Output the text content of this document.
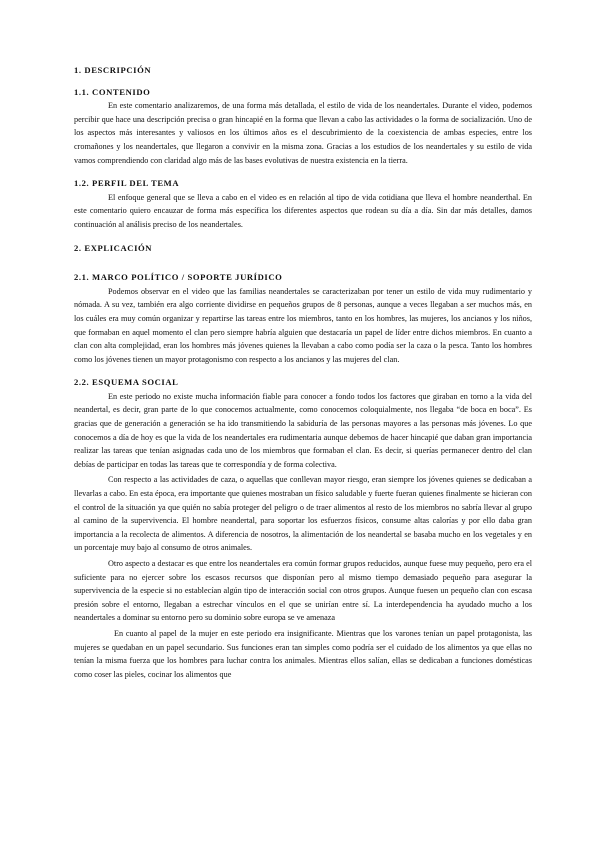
1. DESCRIPCIÓN
1.1. CONTENIDO

En este comentario analizaremos, de una forma más detallada, el estilo de vida de los neandertales. Durante el video, podemos percibir que hace una descripción precisa o gran hincapié en la forma que llevan a cabo las actividades o la forma de socialización. Uno de los aspectos más interesantes y valiosos en los últimos años es el descubrimiento de la coexistencia de ambas especies, entre los cromañones y los neandertales, que llegaron a convivir en la misma zona. Gracias a los estudios de los neandertales y su estilo de vida vamos comprendiendo con claridad algo más de las bases evolutivas de nuestra existencia en la tierra.

1.2. PERFIL DEL TEMA

El enfoque general que se lleva a cabo en el video es en relación al tipo de vida cotidiana que lleva el hombre neanderthal. En este comentario quiero encauzar de forma más específica los diferentes aspectos que rodean su día a día. Sin dar más detalles, damos continuación al análisis preciso de los neandertales.

2. EXPLICACIÓN
2.1. MARCO POLÍTICO / SOPORTE JURÍDICO

Podemos observar en el video que las familias neandertales se caracterizaban por tener un estilo de vida muy rudimentario y nómada. A su vez, también era algo corriente dividirse en pequeños grupos de 8 personas, aunque a veces llegaban a ser muchos más, en los cuáles era muy común organizar y repartirse las tareas entre los miembros, tanto en los hombres, las mujeres, los ancianos y los niños, que formaban en aquel momento el clan pero siempre habría alguien que destacaría un papel de líder entre dichos miembros. En cuanto a clan con alta complejidad, eran los hombres más jóvenes quienes la llevaban a cabo como podía ser la caza o la pesca. Tanto los hombres como los jóvenes tienen un mayor protagonismo con respecto a los ancianos y las mujeres del clan.

2.2. ESQUEMA SOCIAL

En este periodo no existe mucha información fiable para conocer a fondo todos los factores que giraban en torno a la vida del neandertal, es decir, gran parte de lo que conocemos actualmente, como conocemos coloquialmente, nos llegaba “de boca en boca”. Es gracias que de generación a generación se ha ido transmitiendo la sabiduría de las personas mayores a las personas más jóvenes. Lo que conocemos a día de hoy es que la vida de los neandertales era rudimentaria aunque debemos de hacer hincapié que daban gran importancia realizar las tareas que tenían asignadas cada uno de los miembros que formaban el clan. Es decir, si querías permanecer dentro del clan debías de participar en todas las tareas que te correspondía y de forma colectiva.

Con respecto a las actividades de caza, o aquellas que conllevan mayor riesgo, eran siempre los jóvenes quienes se dedicaban a llevarlas a cabo. En esta época, era importante que quienes mostraban un físico saludable y fuerte fueran quienes finalmente se hicieran con el control de la situación ya que quién no sabía proteger del peligro o de traer alimentos al resto de los miembros no sabría llevar al grupo al camino de la supervivencia. El hombre neandertal, para soportar los esfuerzos físicos, consume altas calorías y por ello daba gran importancia a la recolecta de alimentos. A diferencia de nosotros, la alimentación de los neandertal se basaba mucho en los vegetales y en un porcentaje muy bajo al consumo de otros animales.

Otro aspecto a destacar es que entre los neandertales era común formar grupos reducidos, aunque fuese muy pequeño, pero era el suficiente para no ejercer sobre los escasos recursos que disponían pero al mismo tiempo demasiado pequeño para asegurar la supervivencia de la especie si no establecían algún tipo de interacción social con otros grupos. Aunque fuesen un pequeño clan con escasa presión sobre el entorno, llegaban a estrechar vínculos en el que se unirían entre sí. La interdependencia ha ayudado mucho a los neandertales a dominar su entorno pero su dominio sobre europa se ve amenaza

En cuanto al papel de la mujer en este periodo era insignificante. Mientras que los varones tenían un papel protagonista, las mujeres se quedaban en un papel secundario. Sus funciones eran tan simples como podría ser el cuidado de los alimentos ya que ellas no tenían la misma fuerza que los hombres para luchar contra los animales. Mientras ellos salían, ellas se dedicaban a funciones domésticas como coser las pieles, cocinar los alimentos que
